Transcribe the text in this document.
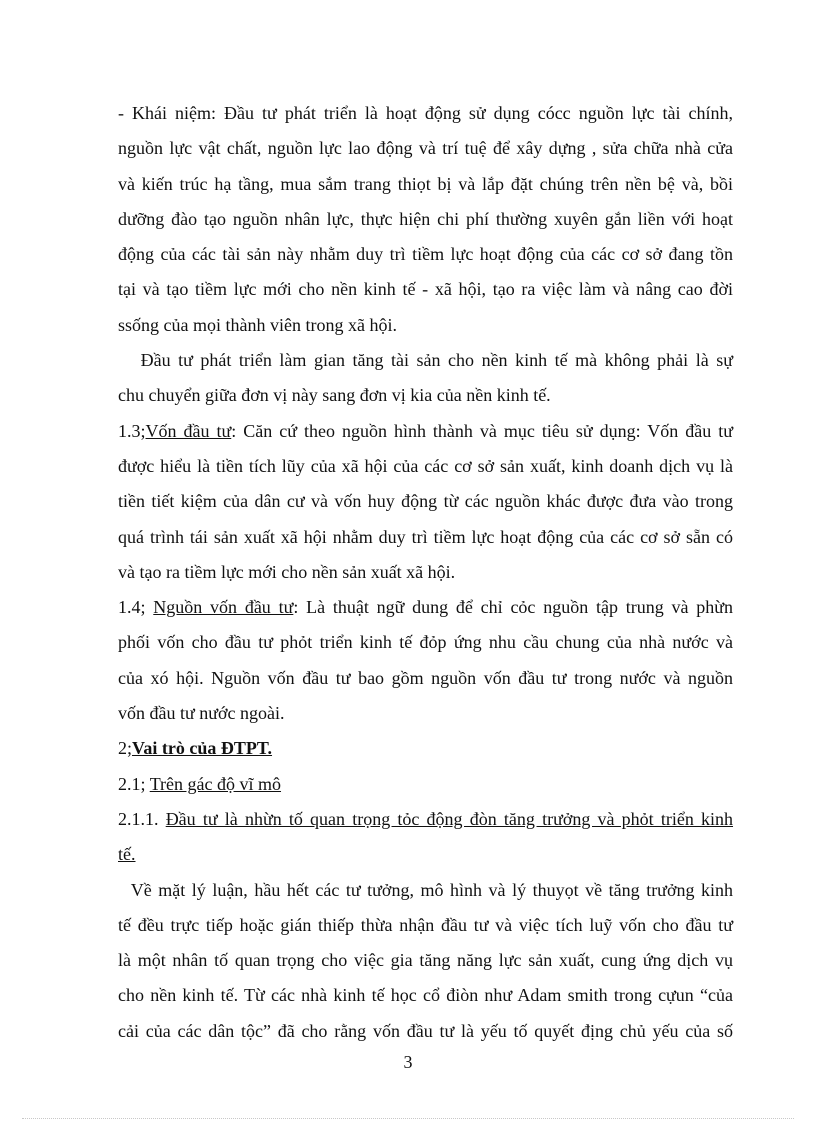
- Khái niệm: Đầu tư phát triển là hoạt động sử dụng cócc nguồn lực tài chính,
nguồn lực vật chất, nguồn lực lao động và trí tuệ để xây dựng , sửa chữa nhà cửa
và kiến trúc hạ tầng, mua sắm trang thiọt bị và lắp đặt chúng trên nền bệ và, bồi
dưỡng đào tạo nguồn nhân lực, thực hiện chi phí thường xuyên gắn liền với hoạt
động của các tài sản này nhằm duy trì tiềm lực hoạt động của các cơ sở đang tồn
tại và tạo tiềm lực mới cho nền kinh tế - xã hội, tạo ra việc làm và nâng cao đời
ssống của mọi thành viên trong xã hội.
Đầu tư phát triển làm gian tăng tài sản cho nền kinh tế mà không phải là sự
chu chuyển giữa đơn vị này sang đơn vị kia của nền kinh tế.
1.3;Vốn đầu tư: Căn cứ theo nguồn hình thành và mục tiêu sử dụng: Vốn đầu tư
được hiểu là tiền tích lũy của xã hội của các cơ sở sản xuất, kinh doanh dịch vụ là
tiền tiết kiệm của dân cư và vốn huy động từ các nguồn khác được đưa vào trong
quá trình tái sản xuất xã hội nhằm duy trì tiềm lực hoạt động của các cơ sở sẵn có
và tạo ra tiềm lực mới cho nền sản xuất xã hội.
1.4; Nguồn vốn đầu tư: Là thuật ngữ dung để chỉ cỏc nguồn tập trung và phừn
phối vốn cho đầu tư phỏt triển kinh tế đỏp ứng nhu cầu chung của nhà nước và
của xó hội. Nguồn vốn đầu tư bao gồm nguồn vốn đầu tư trong nước và nguồn
vốn đầu tư nước ngoài.
2;Vai trò của ĐTPT.
2.1; Trên gác độ vĩ mô
2.1.1. Đầu tư là nhừn tố quan trọng tỏc động đòn tăng trưởng và phỏt triển kinh
tế.
Về mặt lý luận, hầu hết các tư tưởng, mô hình và lý thuyọt về tăng trưởng kinh
tế đều trực tiếp hoặc gián thiếp thừa nhận đầu tư và việc tích luỹ vốn cho đầu tư
là một nhân tố quan trọng cho việc gia tăng năng lực sản xuất, cung ứng dịch vụ
cho nền kinh tế. Từ các nhà kinh tế học cổ điòn như Adam smith trong cựun “của
cải của các dân tộc” đã cho rằng vốn đầu tư là yếu tố quyết địng chủ yếu của số
3
